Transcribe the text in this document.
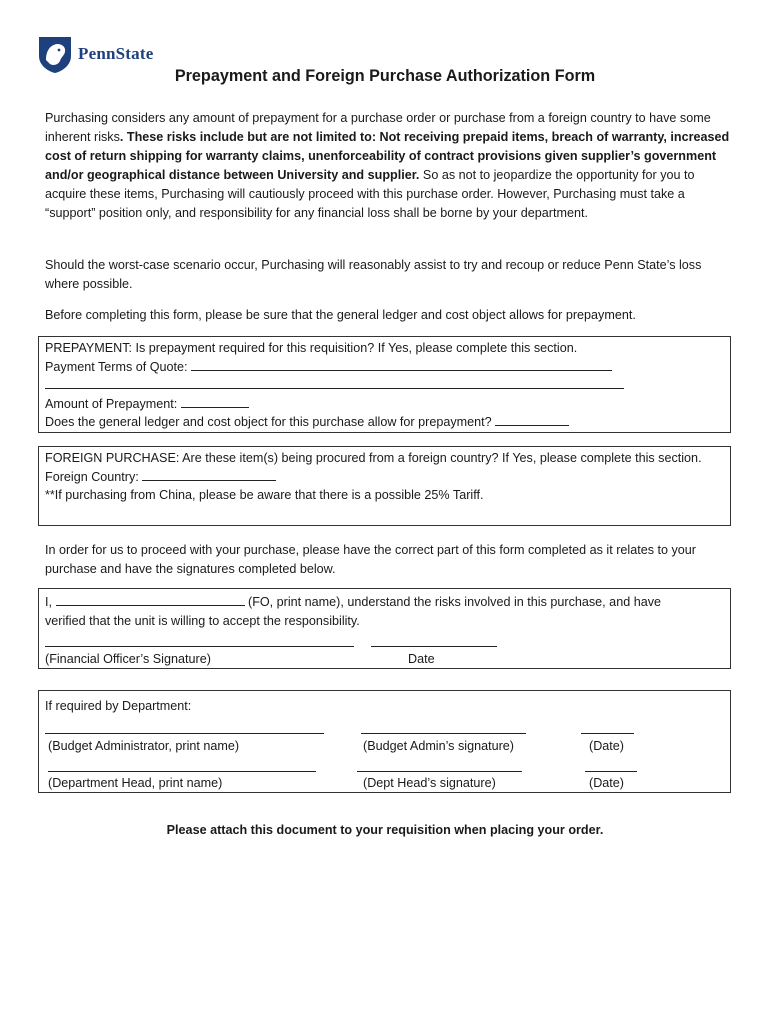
PennState
Prepayment and Foreign Purchase Authorization Form

Purchasing considers any amount of prepayment for a purchase order or purchase from a foreign country to have some inherent risks. These risks include but are not limited to: Not receiving prepaid items, breach of warranty, increased cost of return shipping for warranty claims, unenforceability of contract provisions given supplier’s government and/or geographical distance between University and supplier. So as not to jeopardize the opportunity for you to acquire these items, Purchasing will cautiously proceed with this purchase order. However, Purchasing must take a “support” position only, and responsibility for any financial loss shall be borne by your department.

Should the worst-case scenario occur, Purchasing will reasonably assist to try and recoup or reduce Penn State’s loss where possible.

Before completing this form, please be sure that the general ledger and cost object allows for prepayment.

PREPAYMENT: Is prepayment required for this requisition? If Yes, please complete this section.
Payment Terms of Quote:
Amount of Prepayment:
Does the general ledger and cost object for this purchase allow for prepayment?
FOREIGN PURCHASE: Are these item(s) being procured from a foreign country? If Yes, please complete this section.
Foreign Country:
**If purchasing from China, please be aware that there is a possible 25% Tariff.

In order for us to proceed with your purchase, please have the correct part of this form completed as it relates to your purchase and have the signatures completed below.

I,	(FO, print name), understand the risks involved in this purchase, and have
verified that the unit is willing to accept the responsibility.
(Financial Officer’s Signature)	Date
If required by Department:
(Budget Administrator, print name)	(Budget Admin’s signature)	(Date)
(Department Head, print name)	(Dept Head’s signature)	(Date)
Please attach this document to your requisition when placing your order.
